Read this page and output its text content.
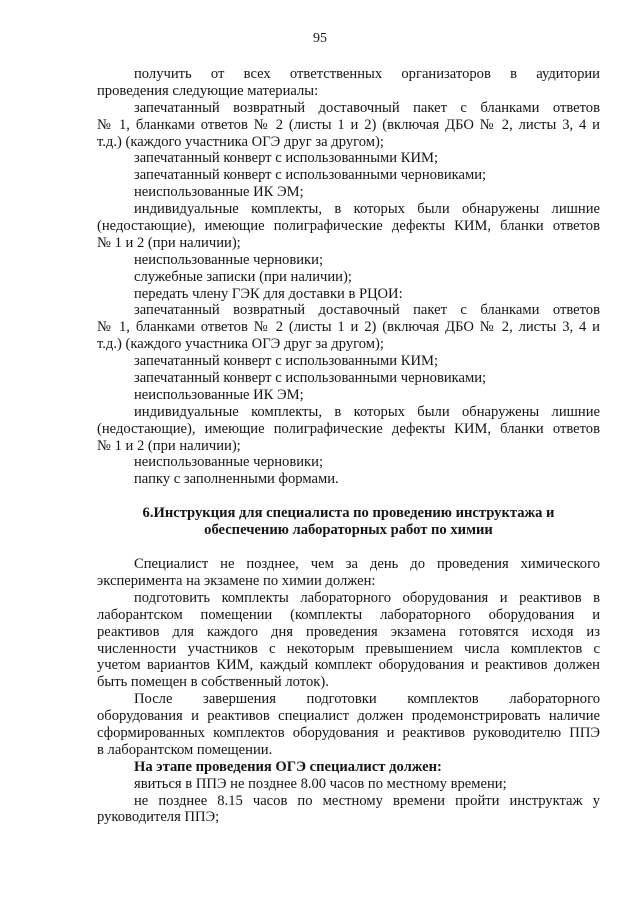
95
получить от всех ответственных организаторов в аудитории
проведения следующие материалы:
запечатанный возвратный доставочный пакет с бланками ответов
№ 1, бланками ответов № 2 (листы 1 и 2) (включая ДБО № 2, листы 3, 4 и
т.д.) (каждого участника ОГЭ друг за другом);
запечатанный конверт с использованными КИМ;
запечатанный конверт с использованными черновиками;
неиспользованные ИК ЭМ;
индивидуальные комплекты, в которых были обнаружены лишние
(недостающие), имеющие полиграфические дефекты КИМ, бланки ответов
№ 1 и 2 (при наличии);
неиспользованные черновики;
служебные записки (при наличии);
передать члену ГЭК для доставки в РЦОИ:
запечатанный возвратный доставочный пакет с бланками ответов
№ 1, бланками ответов № 2 (листы 1 и 2) (включая ДБО № 2, листы 3, 4 и
т.д.) (каждого участника ОГЭ друг за другом);
запечатанный конверт с использованными КИМ;
запечатанный конверт с использованными черновиками;
неиспользованные ИК ЭМ;
индивидуальные комплекты, в которых были обнаружены лишние
(недостающие), имеющие полиграфические дефекты КИМ, бланки ответов
№ 1 и 2 (при наличии);
неиспользованные черновики;
папку с заполненными формами.
6.Инструкция для специалиста по проведению инструктажа и
обеспечению лабораторных работ по химии
Специалист не позднее, чем за день до проведения химического
эксперимента на экзамене по химии должен:
подготовить комплекты лабораторного оборудования и реактивов в
лаборантском помещении (комплекты лабораторного оборудования и
реактивов для каждого дня проведения экзамена готовятся исходя из
численности участников с некоторым превышением числа комплектов с
учетом вариантов КИМ, каждый комплект оборудования и реактивов должен
быть помещен в собственный лоток).
После завершения подготовки комплектов лабораторного
оборудования и реактивов специалист должен продемонстрировать наличие
сформированных комплектов оборудования и реактивов руководителю ППЭ
в лаборантском помещении.
На этапе проведения ОГЭ специалист должен:
явиться в ППЭ не позднее 8.00 часов по местному времени;
не позднее 8.15 часов по местному времени пройти инструктаж у
руководителя ППЭ;
